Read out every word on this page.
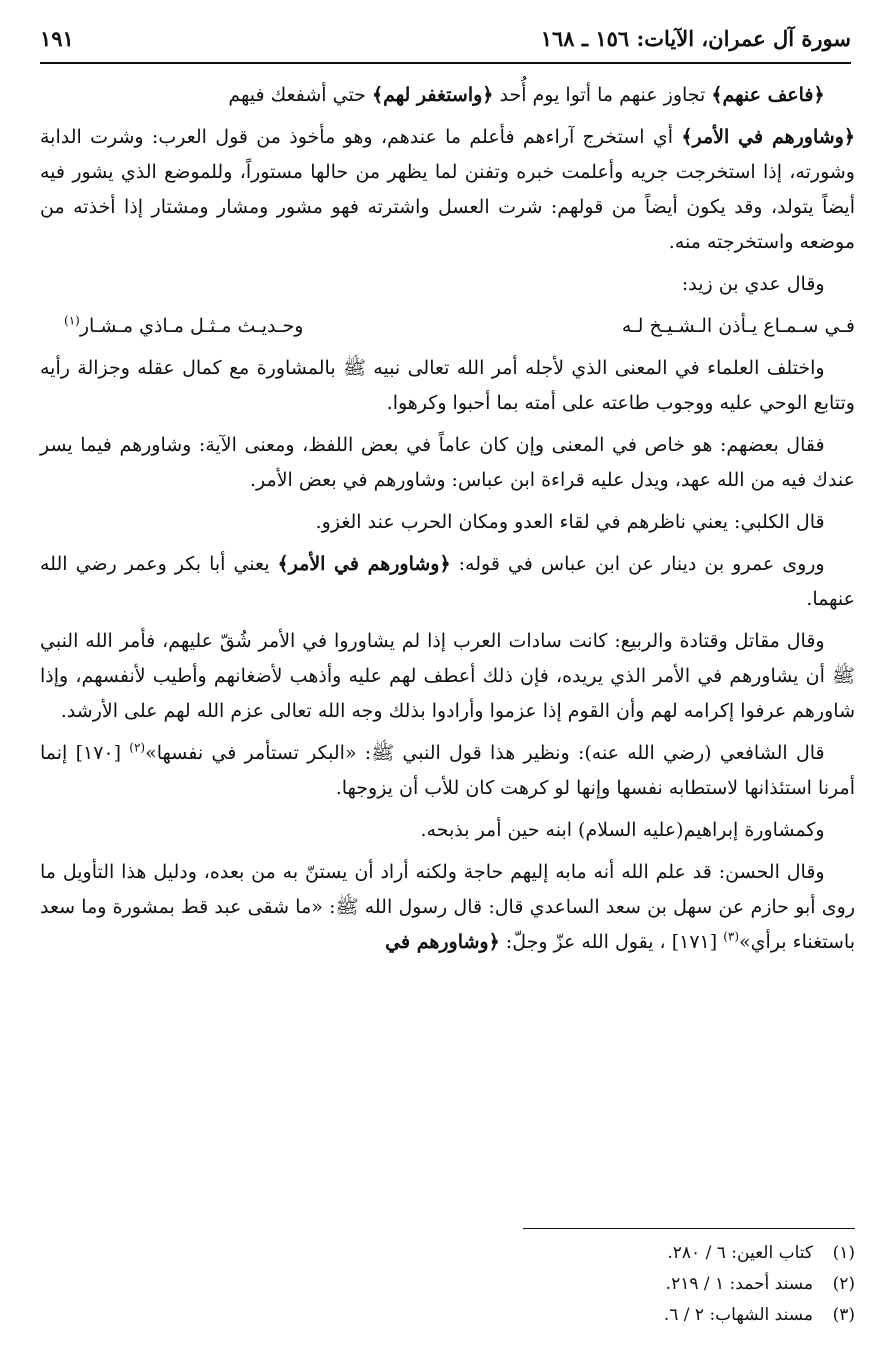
سورة آل عمران، الآيات: ١٥٦ ـ ١٦٨
١٩١

﴿فاعف عنهم﴾ تجاوز عنهم ما أتوا يوم أُحد ﴿واستغفر لهم﴾ حتي أشفعك فيهم

﴿وشاورهم في الأمر﴾ أي استخرج آراءهم فأعلم ما عندهم، وهو مأخوذ من قول العرب: وشرت الدابة وشورته، إذا استخرجت جريه وأعلمت خبره وتفنن لما يظهر من حالها مستوراً، وللموضع الذي يشور فيه أيضاً يتولد، وقد يكون أيضاً من قولهم: شرت العسل واشترته فهو مشور ومشار ومشتار إذا أخذته من موضعه واستخرجته منه.

وقال عدي بن زيد:

فـي سـمـاع يـأذن الـشـيـخ لـه
وحـديـث مـثـل مـاذي مـشـار$^{(١)}$

واختلف العلماء في المعنى الذي لأجله أمر الله تعالى نبيه ﷺ بالمشاورة مع كمال عقله وجزالة رأيه وتتابع الوحي عليه ووجوب طاعته على أمته بما أحبوا وكرهوا.

فقال بعضهم: هو خاص في المعنى وإن كان عاماً في بعض اللفظ، ومعنى الآية: وشاورهم فيما يسر عندك فيه من الله عهد، ويدل عليه قراءة ابن عباس: وشاورهم في بعض الأمر.

قال الكلبي: يعني ناظرهم في لقاء العدو ومكان الحرب عند الغزو.

وروى عمرو بن دينار عن ابن عباس في قوله: ﴿وشاورهم في الأمر﴾ يعني أبا بكر وعمر رضي الله عنهما.

وقال مقاتل وقتادة والربيع: كانت سادات العرب إذا لم يشاوروا في الأمر شُقّ عليهم، فأمر الله النبي ﷺ أن يشاورهم في الأمر الذي يريده، فإن ذلك أعطف لهم عليه وأذهب لأضغانهم وأطيب لأنفسهم، وإذا شاورهم عرفوا إكرامه لهم وأن القوم إذا عزموا وأرادوا بذلك وجه الله تعالى عزم الله لهم على الأرشد.

قال الشافعي (رضي الله عنه): ونظير هذا قول النبي ﷺ: «البكر تستأمر في نفسها»$^{(٢)}$ [١٧٠] إنما أمرنا استئذانها لاستطابه نفسها وإنها لو كرهت كان للأب أن يزوجها.

وكمشاورة إبراهيم(عليه السلام) ابنه حين أمر بذبحه.

وقال الحسن: قد علم الله أنه مابه إليهم حاجة ولكنه أراد أن يستنّ به من بعده، ودليل هذا التأويل ما روى أبو حازم عن سهل بن سعد الساعدي قال: قال رسول الله ﷺ: «ما شقى عبد قط بمشورة وما سعد باستغناء برأي»$^{(٣)}$ [١٧١] ، يقول الله عزّ وجلّ: ﴿وشاورهم في

(١)
كتاب العين: ٦ / ٢٨٠.
(٢)
مسند أحمد: ١ / ٢١٩.
(٣)
مسند الشهاب: ٢ / ٦.
